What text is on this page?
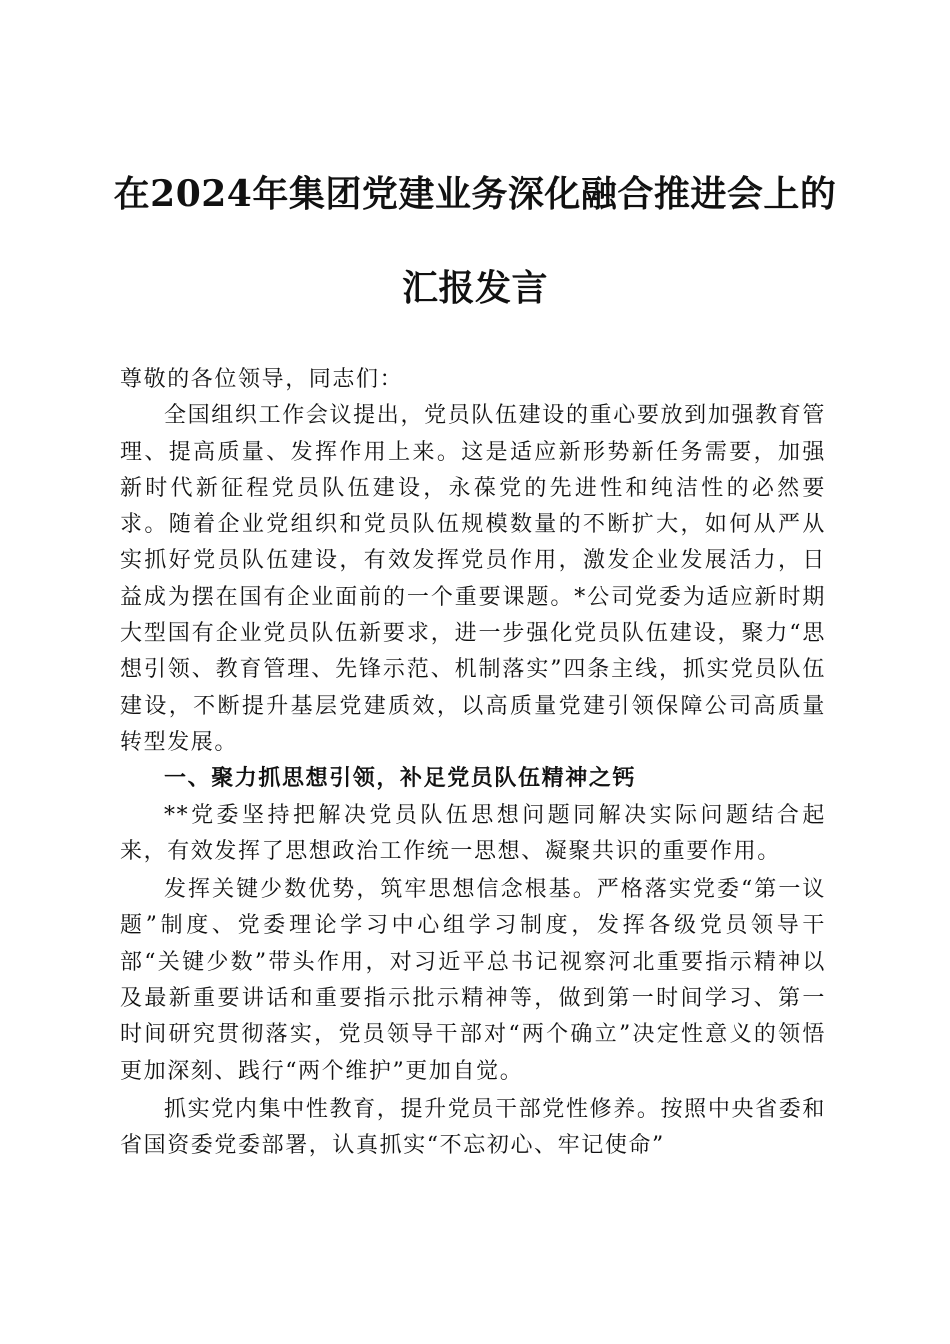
在2024年集团党建业务深化融合推进会上的
汇报发言

尊敬的各位领导，同志们：

全国组织工作会议提出，党员队伍建设的重心要放到加强教育管理、提高质量、发挥作用上来。这是适应新形势新任务需要，加强新时代新征程党员队伍建设，永葆党的先进性和纯洁性的必然要求。随着企业党组织和党员队伍规模数量的不断扩大，如何从严从实抓好党员队伍建设，有效发挥党员作用，激发企业发展活力，日益成为摆在国有企业面前的一个重要课题。*公司党委为适应新时期大型国有企业党员队伍新要求，进一步强化党员队伍建设，聚力“思想引领、教育管理、先锋示范、机制落实”四条主线，抓实党员队伍建设，不断提升基层党建质效，以高质量党建引领保障公司高质量转型发展。

一、聚力抓思想引领，补足党员队伍精神之钙

**党委坚持把解决党员队伍思想问题同解决实际问题结合起来，有效发挥了思想政治工作统一思想、凝聚共识的重要作用。

发挥关键少数优势，筑牢思想信念根基。严格落实党委“第一议题”制度、党委理论学习中心组学习制度，发挥各级党员领导干部“关键少数”带头作用，对习近平总书记视察河北重要指示精神以及最新重要讲话和重要指示批示精神等，做到第一时间学习、第一时间研究贯彻落实，党员领导干部对“两个确立”决定性意义的领悟更加深刻、践行“两个维护”更加自觉。

抓实党内集中性教育，提升党员干部党性修养。按照中央省委和省国资委党委部署，认真抓实“不忘初心、牢记使命”
